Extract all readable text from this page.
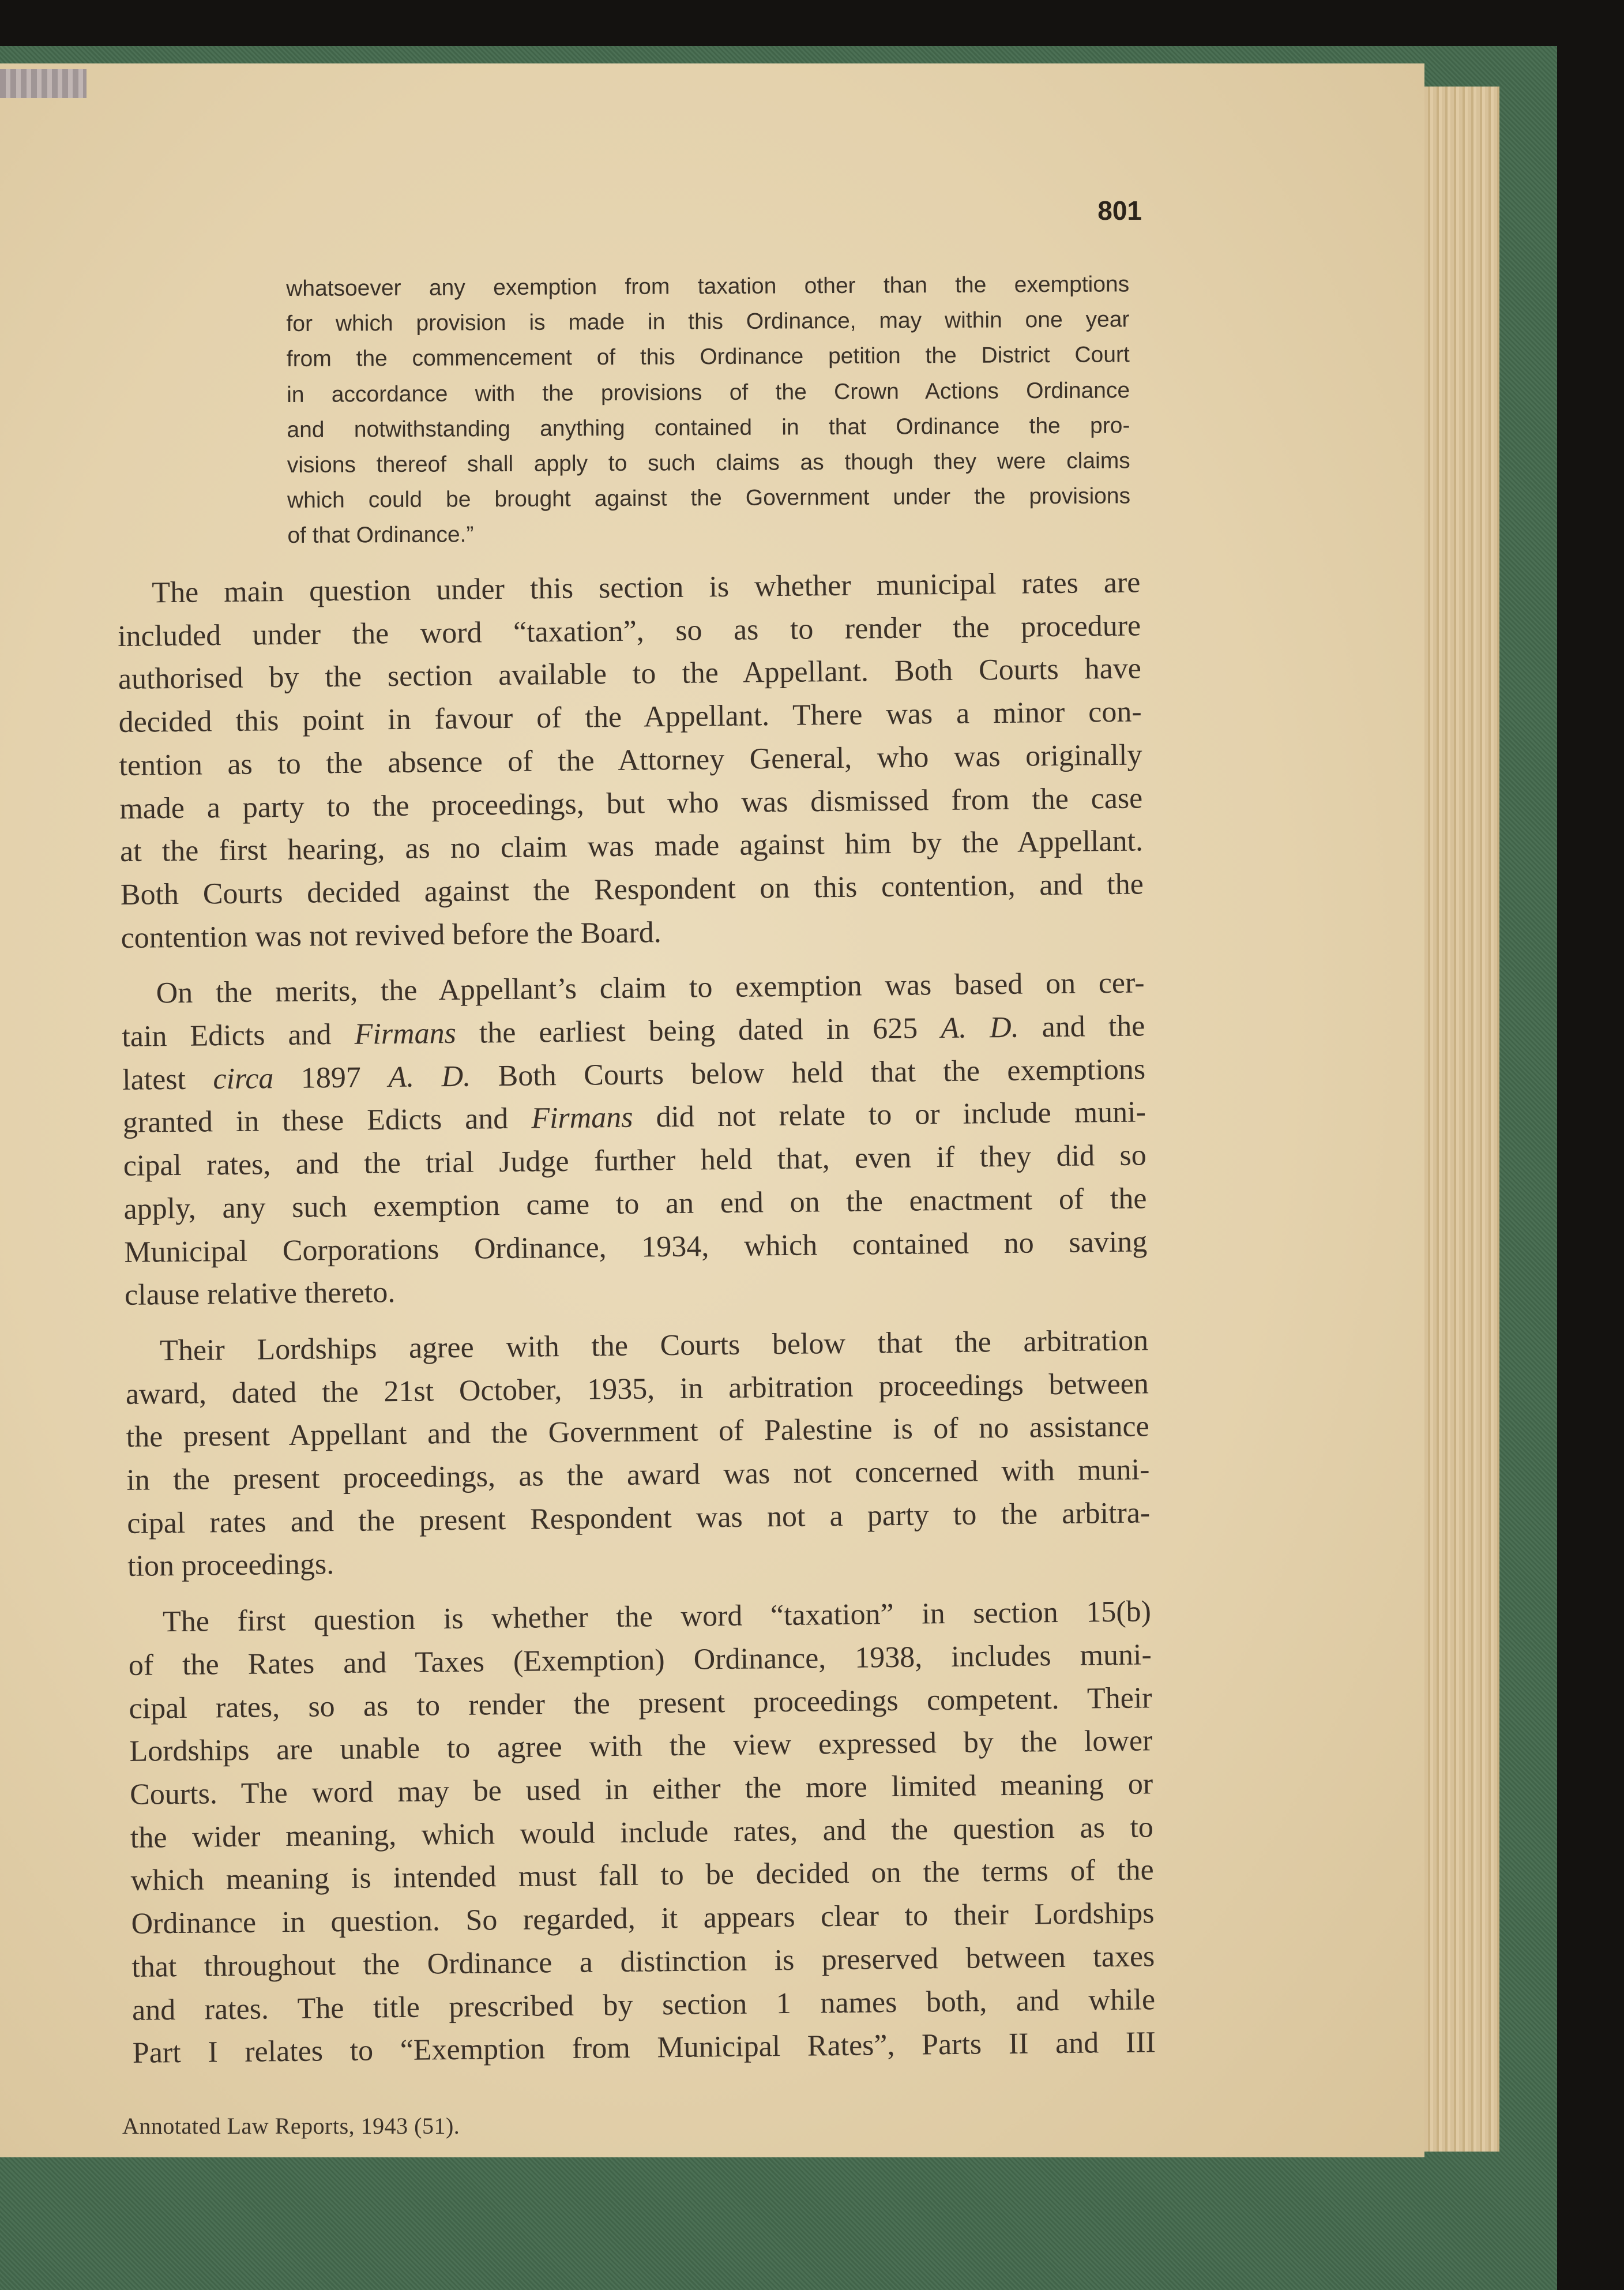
801

whatsoever any exemption from taxation other than the exemptions
for which provision is made in this Ordinance, may within one year
from the commencement of this Ordinance petition the District Court
in accordance with the provisions of the Crown Actions Ordinance
and notwithstanding anything contained in that Ordinance the pro-
visions thereof shall apply to such claims as though they were claims
which could be brought against the Government under the provisions
of that Ordinance.”

The main question under this section is whether municipal rates are
included under the word “taxation”, so as to render the procedure
authorised by the section available to the Appellant. Both Courts have
decided this point in favour of the Appellant. There was a minor con-
tention as to the absence of the Attorney General, who was originally
made a party to the proceedings, but who was dismissed from the case
at the first hearing, as no claim was made against him by the Appellant.
Both Courts decided against the Respondent on this contention, and the
contention was not revived before the Board.

On the merits, the Appellant’s claim to exemption was based on cer-
tain Edicts and Firmans the earliest being dated in 625 A. D. and the
latest circa 1897 A. D. Both Courts below held that the exemptions
granted in these Edicts and Firmans did not relate to or include muni-
cipal rates, and the trial Judge further held that, even if they did so
apply, any such exemption came to an end on the enactment of the
Municipal Corporations Ordinance, 1934, which contained no saving
clause relative thereto.

Their Lordships agree with the Courts below that the arbitration
award, dated the 21st October, 1935, in arbitration proceedings between
the present Appellant and the Government of Palestine is of no assistance
in the present proceedings, as the award was not concerned with muni-
cipal rates and the present Respondent was not a party to the arbitra-
tion proceedings.

The first question is whether the word “taxation” in section 15(b)
of the Rates and Taxes (Exemption) Ordinance, 1938, includes muni-
cipal rates, so as to render the present proceedings competent. Their
Lordships are unable to agree with the view expressed by the lower
Courts. The word may be used in either the more limited meaning or
the wider meaning, which would include rates, and the question as to
which meaning is intended must fall to be decided on the terms of the
Ordinance in question. So regarded, it appears clear to their Lordships
that throughout the Ordinance a distinction is preserved between taxes
and rates. The title prescribed by section 1 names both, and while
Part I relates to “Exemption from Municipal Rates”, Parts II and III

Annotated Law Reports, 1943 (51).
